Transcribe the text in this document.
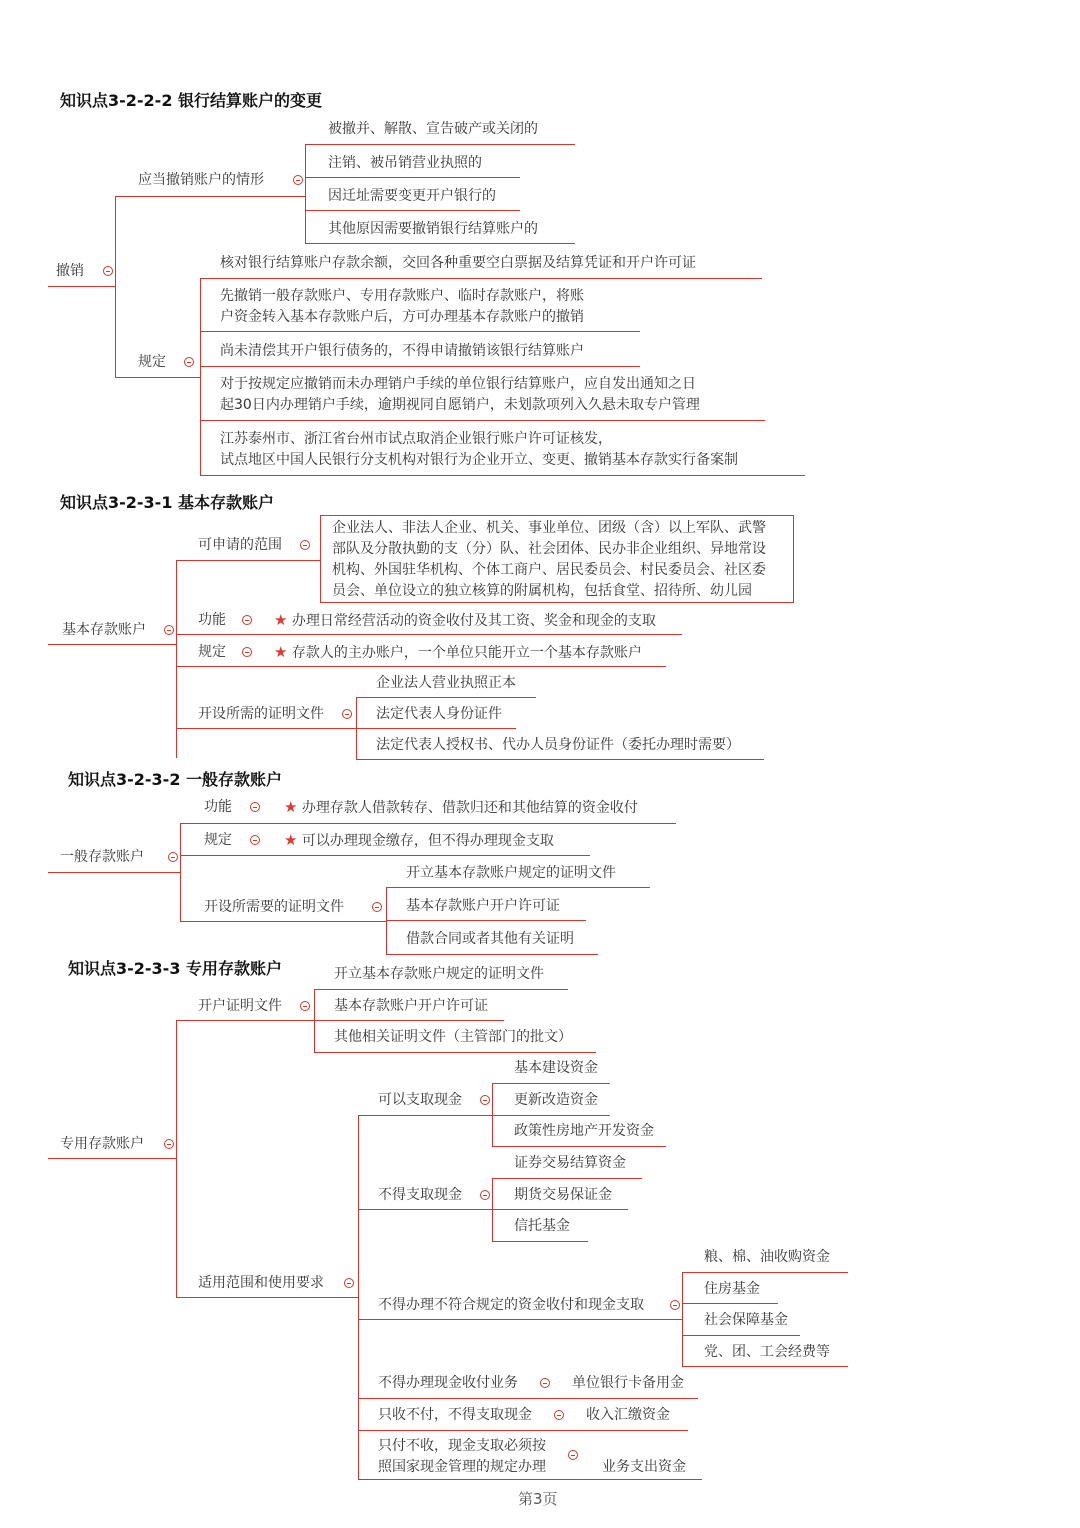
知识点3-2-2-2 银行结算账户的变更
撤销
应当撤销账户的情形
被撤并、解散、宣告破产或关闭的
注销、被吊销营业执照的
因迁址需要变更开户银行的
其他原因需要撤销银行结算账户的
规定
核对银行结算账户存款余额，交回各种重要空白票据及结算凭证和开户许可证
先撤销一般存款账户、专用存款账户、临时存款账户，将账
户资金转入基本存款账户后，方可办理基本存款账户的撤销
尚未清偿其开户银行债务的，不得申请撤销该银行结算账户
对于按规定应撤销而未办理销户手续的单位银行结算账户，应自发出通知之日
起30日内办理销户手续，逾期视同自愿销户，未划款项列入久悬未取专户管理
江苏泰州市、浙江省台州市试点取消企业银行账户许可证核发，
试点地区中国人民银行分支机构对银行为企业开立、变更、撤销基本存款实行备案制
知识点3-2-3-1 基本存款账户
基本存款账户
可申请的范围
企业法人、非法人企业、机关、事业单位、团级（含）以上军队、武警
部队及分散执勤的支（分）队、社会团体、民办非企业组织、异地常设
机构、外国驻华机构、个体工商户、居民委员会、村民委员会、社区委
员会、单位设立的独立核算的附属机构，包括食堂、招待所、幼儿园
功能	★ 办理日常经营活动的资金收付及其工资、奖金和现金的支取
规定	★ 存款人的主办账户，一个单位只能开立一个基本存款账户
开设所需的证明文件
企业法人营业执照正本
法定代表人身份证件
法定代表人授权书、代办人员身份证件（委托办理时需要）
知识点3-2-3-2 一般存款账户
一般存款账户
功能	★ 办理存款人借款转存、借款归还和其他结算的资金收付
规定	★ 可以办理现金缴存，但不得办理现金支取
开设所需要的证明文件
开立基本存款账户规定的证明文件
基本存款账户开户许可证
借款合同或者其他有关证明
知识点3-2-3-3 专用存款账户
专用存款账户
开户证明文件
开立基本存款账户规定的证明文件
基本存款账户开户许可证
其他相关证明文件（主管部门的批文）
适用范围和使用要求
可以支取现金
基本建设资金
更新改造资金
政策性房地产开发资金
不得支取现金
证券交易结算资金
期货交易保证金
信托基金
不得办理不符合规定的资金收付和现金支取
粮、棉、油收购资金
住房基金
社会保障基金
党、团、工会经费等
不得办理现金收付业务	单位银行卡备用金
只收不付，不得支取现金	收入汇缴资金
只付不收，现金支取必须按
照国家现金管理的规定办理	业务支出资金
第3页
